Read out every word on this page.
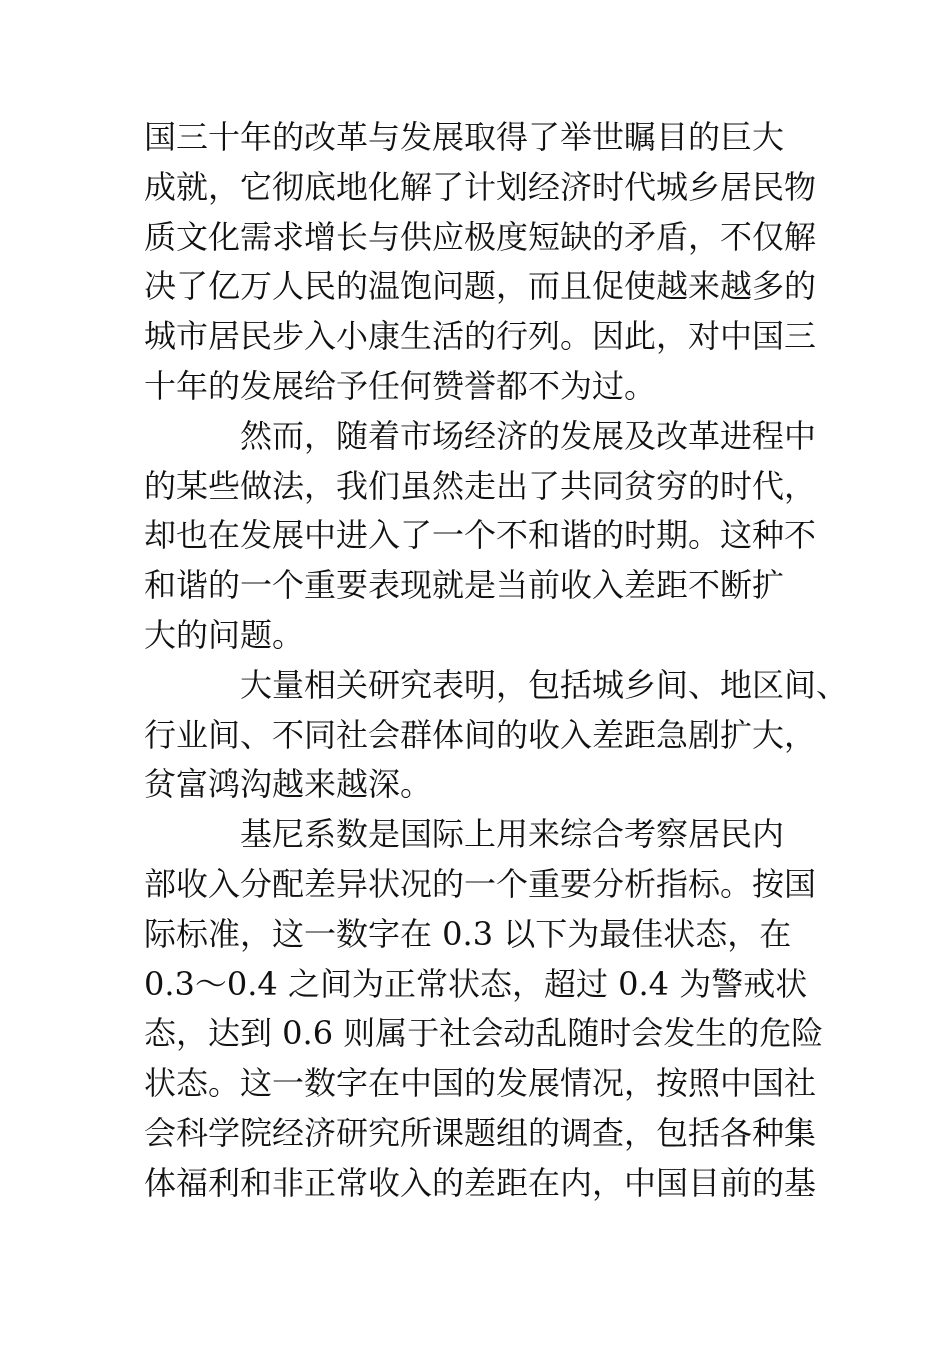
国三十年的改革与发展取得了举世瞩目的巨大
成就，它彻底地化解了计划经济时代城乡居民物
质文化需求增长与供应极度短缺的矛盾，不仅解
决了亿万人民的温饱问题，而且促使越来越多的
城市居民步入小康生活的行列。因此，对中国三
十年的发展给予任何赞誉都不为过。

然而，随着市场经济的发展及改革进程中
的某些做法，我们虽然走出了共同贫穷的时代，
却也在发展中进入了一个不和谐的时期。这种不
和谐的一个重要表现就是当前收入差距不断扩
大的问题。

大量相关研究表明，包括城乡间、地区间、
行业间、不同社会群体间的收入差距急剧扩大，
贫富鸿沟越来越深。

基尼系数是国际上用来综合考察居民内
部收入分配差异状况的一个重要分析指标。按国
际标准，这一数字在 0.3 以下为最佳状态，在
0.3～0.4 之间为正常状态，超过 0.4 为警戒状
态，达到 0.6 则属于社会动乱随时会发生的危险
状态。这一数字在中国的发展情况，按照中国社
会科学院经济研究所课题组的调查，包括各种集
体福利和非正常收入的差距在内，中国目前的基
